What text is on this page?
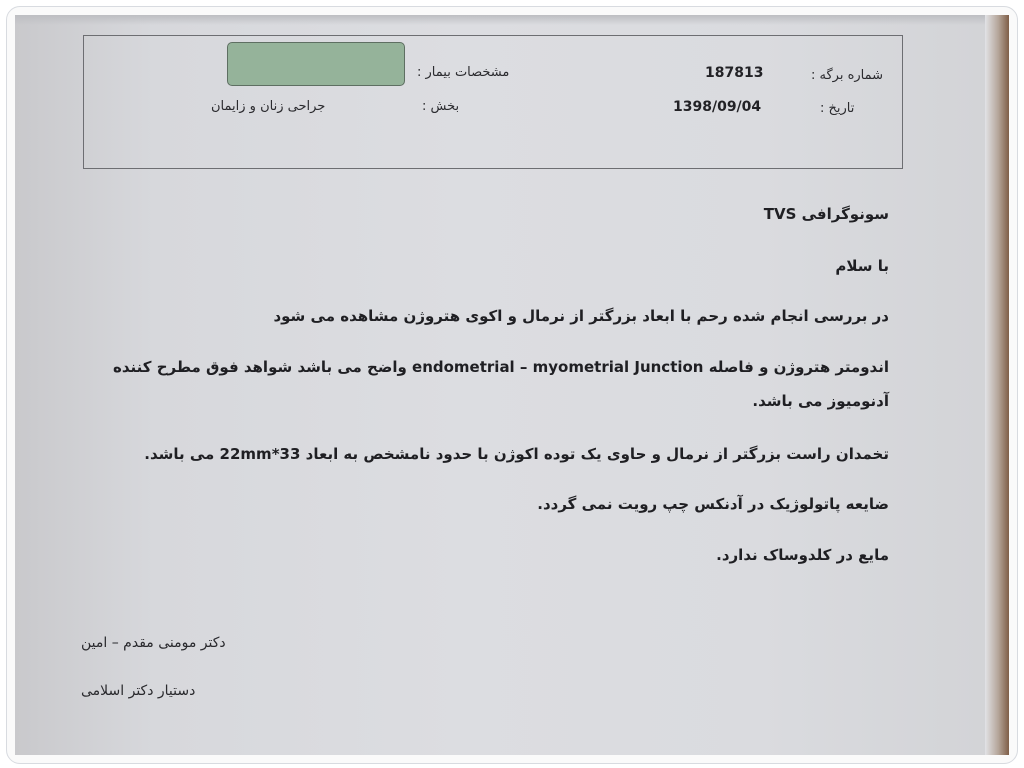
شماره برگه :
187813
مشخصات بیمار :
تاریخ :
1398/09/04
بخش :
جراحی زنان و زایمان
سونوگرافی TVS
با سلام
در بررسی انجام شده رحم با ابعاد بزرگتر از نرمال و اکوی هتروژن مشاهده می شود
اندومتر هتروژن و فاصله endometrial – myometrial Junction واضح می باشد شواهد فوق مطرح کننده
آدنومیوز می باشد.
تخمدان راست بزرگتر از نرمال و حاوی یک توده اکوژن با حدود نامشخص به ابعاد 33*22mm می باشد.
ضایعه پاتولوژیک در آدنکس چپ رویت نمی گردد.
مایع در کلدوساک ندارد.
دکتر مومنی مقدم – امین
دستیار دکتر اسلامی
